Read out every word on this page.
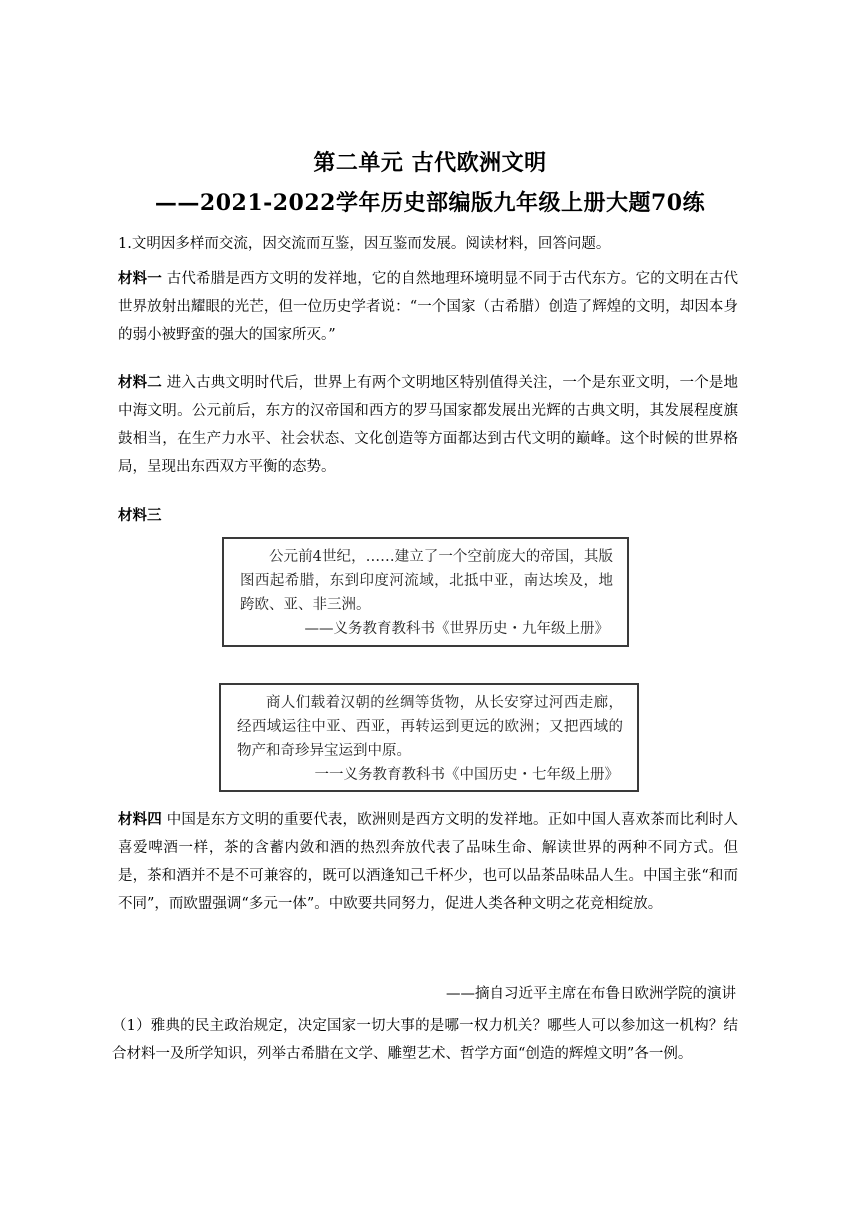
第二单元 古代欧洲文明
——2021-2022学年历史部编版九年级上册大题70练
1.文明因多样而交流，因交流而互鉴，因互鉴而发展。阅读材料，回答问题。
材料一 古代希腊是西方文明的发祥地，它的自然地理环境明显不同于古代东方。它的文明在古代世界放射出耀眼的光芒，但一位历史学者说：“一个国家（古希腊）创造了辉煌的文明，却因本身的弱小被野蛮的强大的国家所灭。”
材料二 进入古典文明时代后，世界上有两个文明地区特别值得关注，一个是东亚文明，一个是地中海文明。公元前后，东方的汉帝国和西方的罗马国家都发展出光辉的古典文明，其发展程度旗鼓相当，在生产力水平、社会状态、文化创造等方面都达到古代文明的巅峰。这个时候的世界格局，呈现出东西双方平衡的态势。
材料三
公元前4世纪，……建立了一个空前庞大的帝国，其版图西起希腊，东到印度河流域，北抵中亚，南达埃及，地跨欧、亚、非三洲。
——义务教育教科书《世界历史・九年级上册》
商人们载着汉朝的丝绸等货物，从长安穿过河西走廊，经西域运往中亚、西亚，再转运到更远的欧洲；又把西域的物产和奇珍异宝运到中原。
一一义务教育教科书《中国历史・七年级上册》
材料四 中国是东方文明的重要代表，欧洲则是西方文明的发祥地。正如中国人喜欢茶而比利时人喜爱啤酒一样，茶的含蓄内敛和酒的热烈奔放代表了品味生命、解读世界的两种不同方式。但是，茶和酒并不是不可兼容的，既可以酒逢知己千杯少，也可以品茶品味品人生。中国主张“和而不同”，而欧盟强调“多元一体”。中欧要共同努力，促进人类各种文明之花竞相绽放。
——摘自习近平主席在布鲁日欧洲学院的演讲
（1）雅典的民主政治规定，决定国家一切大事的是哪一权力机关？哪些人可以参加这一机构？结合材料一及所学知识，列举古希腊在文学、雕塑艺术、哲学方面“创造的辉煌文明”各一例。
